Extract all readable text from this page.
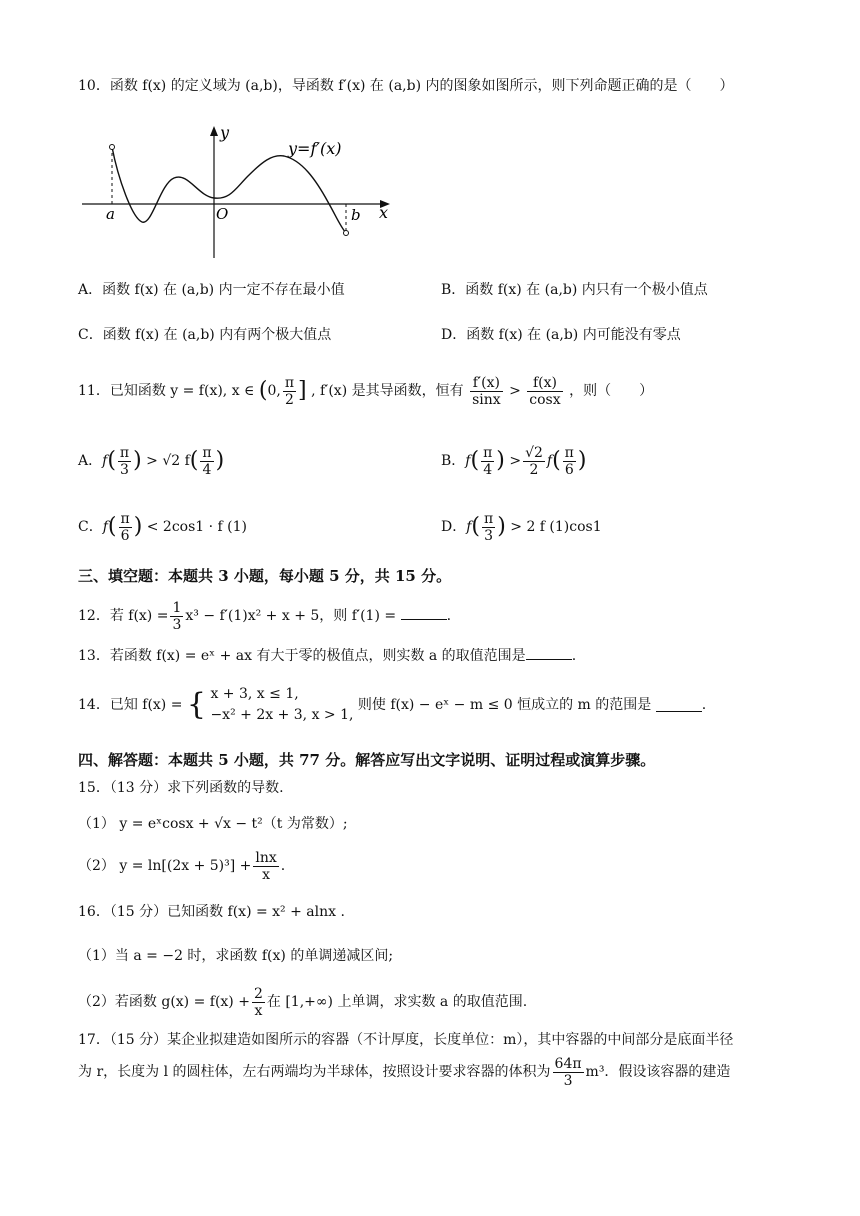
10．函数 f(x) 的定义域为 (a,b)，导函数 f′(x) 在 (a,b) 内的图象如图所示，则下列命题正确的是（　　）
y
x
O
a	b
y=f′(x)
A．函数 f(x) 在 (a,b) 内一定不存在最小值	B．函数 f(x) 在 (a,b) 内只有一个极小值点
C．函数 f(x) 在 (a,b) 内有两个极大值点	D．函数 f(x) 在 (a,b) 内可能没有零点
11．已知函数 y = f(x), x ∈ (0, $\frac{\pi}{2}$ ] , f′(x) 是其导函数，恒有 $\frac{f'(x)}{\sin x} > \frac{f(x)}{\cos x}$ ，则（　　）
A．$f( \frac{\pi}{3}$ ) > √2 $f( \frac{\pi}{4}$ )	B．$f( \frac{\pi}{4}$ ) > $\frac{√2}{2} f( \frac{\pi}{6}$ )
C．$f( \frac{\pi}{6}$ ) < 2cos1 · f (1)	D．$f( \frac{\pi}{3}$ ) > 2 f (1)cos1
三、填空题：本题共 3 小题，每小题 5 分，共 15 分。
12．若 $f(x) = \frac{1}{3} x^3 - f'(1)x^2 + x + 5$，则 f′(1) =	.
13．若函数 f(x) = eˣ + ax 有大于零的极值点，则实数 a 的取值范围是	.
14．已知 f(x) = { x + 3, x ≤ 1,
−x² + 2x + 3, x > 1,
则使 f(x) − eˣ − m ≤ 0 恒成立的 m 的范围是	.
四、解答题：本题共 5 小题，共 77 分。解答应写出文字说明、证明过程或演算步骤。
15．（13 分）求下列函数的导数.
（1） y = eˣcosx + √x − t²（t 为常数）;
（2） $y = \ln[(2x + 5)^3] + \frac{\ln x}{x}$ .
16．（15 分）已知函数 f(x) = x² + alnx .
（1）当 a = −2 时，求函数 f(x) 的单调递减区间;
（2）若函数 $g(x) = f(x) + \frac{2}{x}$ 在 [1,+∞) 上单调，求实数 a 的取值范围.
17．（15 分）某企业拟建造如图所示的容器（不计厚度，长度单位：m），其中容器的中间部分是底面半径
为 r，长度为 l 的圆柱体，左右两端均为半球体，按照设计要求容器的体积为 $\frac{64\pi}{3} m^3$．假设该容器的建造
